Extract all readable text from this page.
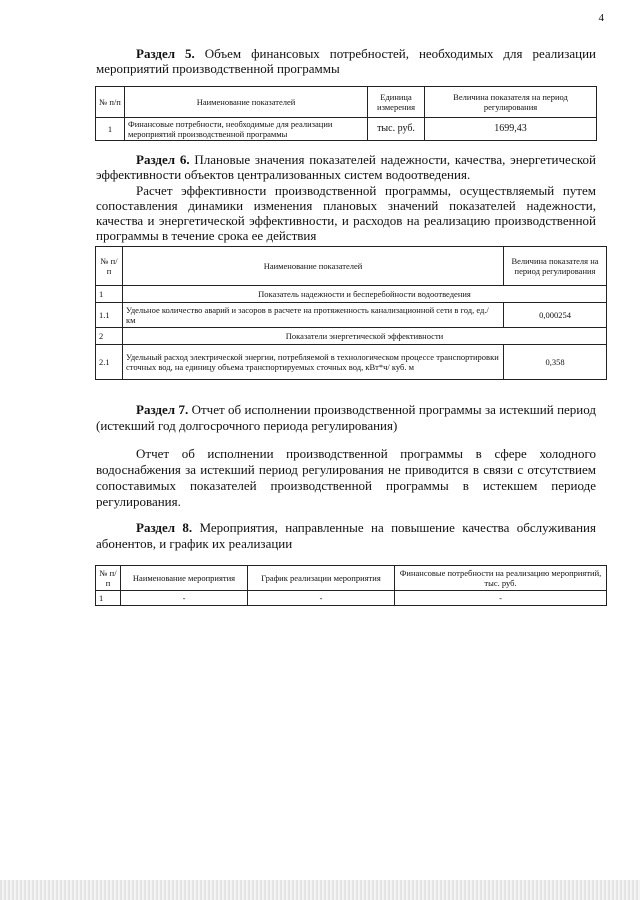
4
Раздел 5. Объем финансовых потребностей, необходимых для реализации мероприятий производственной программы
№ п/п	Наименование показателей	Единица измерения	Величина показателя на период регулирования
1	Финансовые потребности, необходимые для реализации мероприятий производственной программы	тыс. руб.	1699,43
Раздел 6. Плановые значения показателей надежности, качества, энергетической эффективности объектов централизованных систем водоотведения.
Расчет эффективности производственной программы, осуществляемый путем сопоставления динамики изменения плановых значений показателей надежности, качества и энергетической эффективности, и расходов на реализацию производственной программы в течение срока ее действия
№ п/п	Наименование показателей	Величина показателя на период регулирования
1	Показатель надежности и бесперебойности водоотведения	
1.1	Удельное количество аварий и засоров в расчете на протяженность канализационной сети в год, ед./ км	0,000254
2	Показатели энергетической эффективности	
2.1	Удельный расход электрической энергии, потребляемой в технологическом процессе транспортировки сточных вод, на единицу объема транспортируемых сточных вод, кВт*ч/ куб. м	0,358
Раздел 7. Отчет об исполнении производственной программы за истекший период (истекший год долгосрочного периода регулирования)
Отчет об исполнении производственной программы в сфере холодного водоснабжения за истекший период регулирования не приводится в связи с отсутствием сопоставимых показателей производственной программы в истекшем периоде регулирования.
Раздел 8. Мероприятия, направленные на повышение качества обслуживания абонентов, и график их реализации
№ п/п	Наименование мероприятия	График реализации мероприятия	Финансовые потребности на реализацию мероприятий, тыс. руб.
1	-	-	-
